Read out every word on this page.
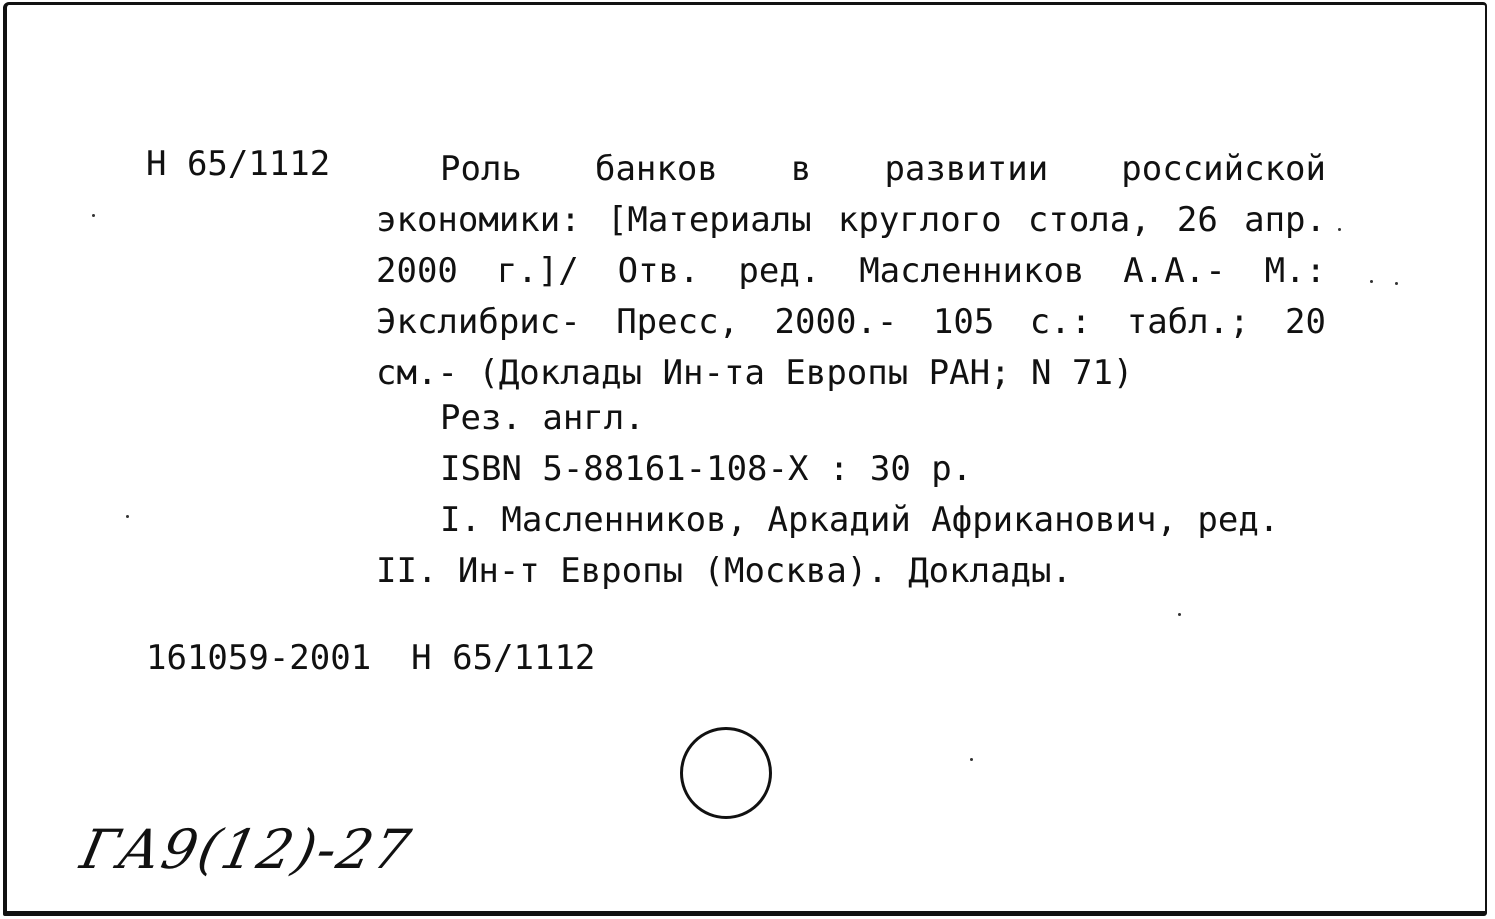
Н 65/1112	Роль банков в развитии российской экономики: [Материалы круглого стола, 26 апр. 2000 г.]/ Отв. ред. Масленников А.А.- М.: Экслибрис- Пресс, 2000.- 105 с.: табл.; 20 см.- (Доклады Ин-та Европы РАН; N 71)
Рез. англ.
ISBN 5-88161-108-X : 30 р.
I. Масленников, Аркадий Африканович, ред.
II. Ин-т Европы (Москва). Доклады.
161059-2001 Н 65/1112
ГА9(12)-27
